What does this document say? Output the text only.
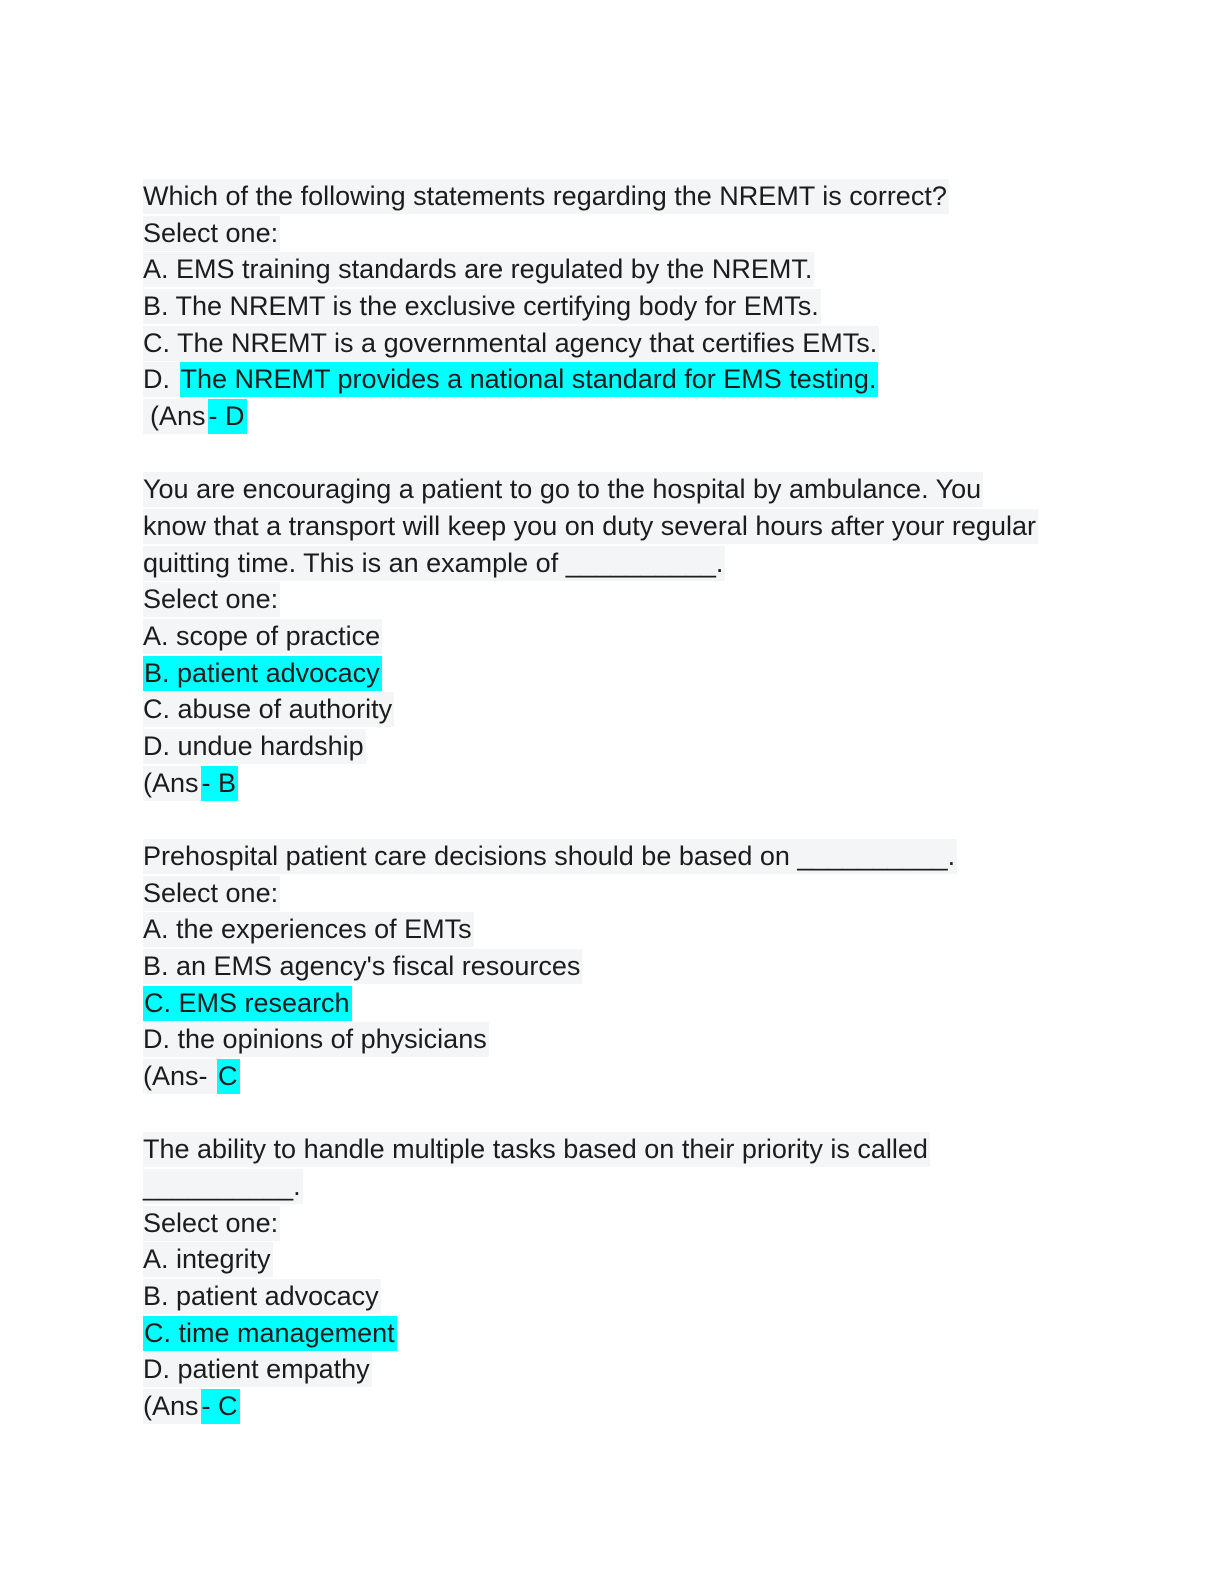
Which of the following statements regarding the NREMT is correct?
Select one:
A. EMS training standards are regulated by the NREMT.
B. The NREMT is the exclusive certifying body for EMTs.
C. The NREMT is a governmental agency that certifies EMTs.
D. The NREMT provides a national standard for EMS testing.
(Ans - D
You are encouraging a patient to go to the hospital by ambulance. You
know that a transport will keep you on duty several hours after your regular
quitting time. This is an example of __________.
Select one:
A. scope of practice
B. patient advocacy
C. abuse of authority
D. undue hardship
(Ans - B
Prehospital patient care decisions should be based on __________.
Select one:
A. the experiences of EMTs
B. an EMS agency's fiscal resources
C. EMS research
D. the opinions of physicians
(Ans- C
The ability to handle multiple tasks based on their priority is called
__________.
Select one:
A. integrity
B. patient advocacy
C. time management
D. patient empathy
(Ans - C
